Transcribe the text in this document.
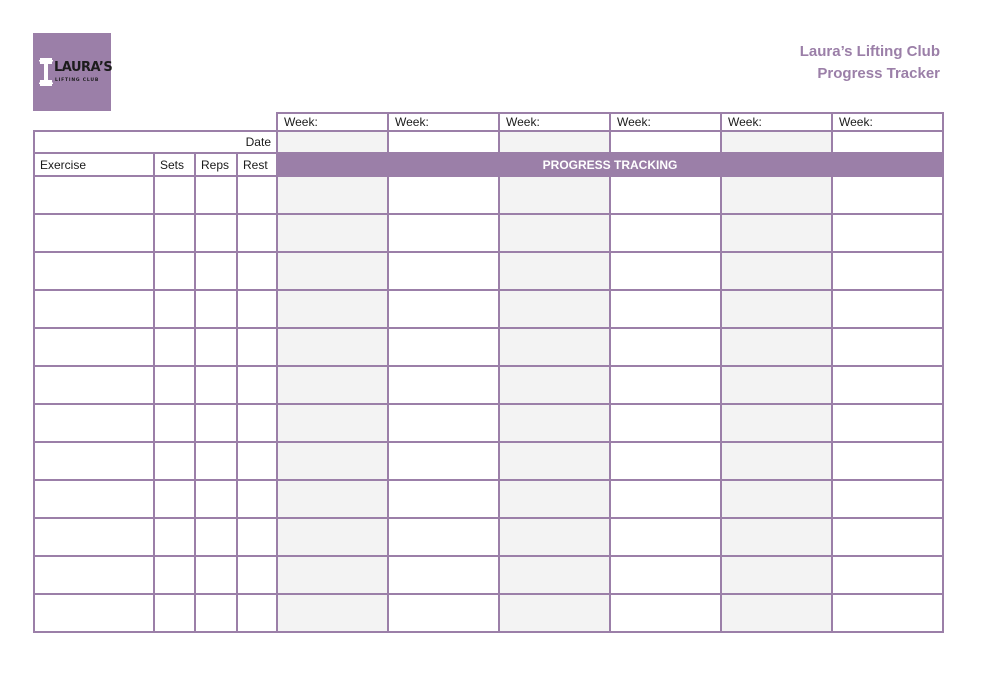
LAURA’S
LIFTING CLUB
Laura’s Lifting Club
Progress Tracker
				Week:	Week:	Week:	Week:	Week:	Week:
Date									
Exercise	Sets	Reps	Rest	PROGRESS TRACKING					
